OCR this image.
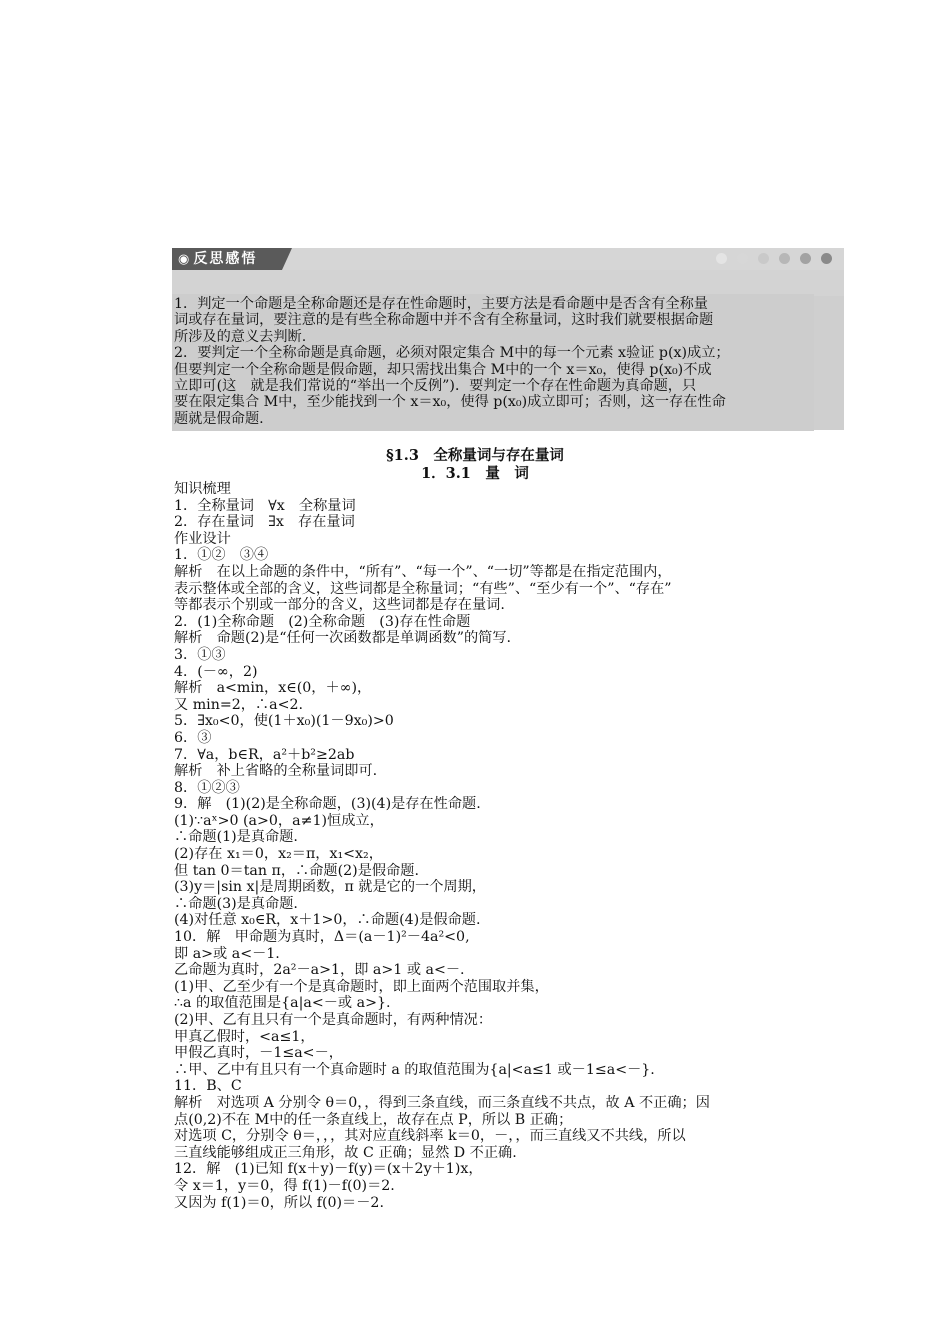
◉ 反思感悟

1．判定一个命题是全称命题还是存在性命题时，主要方法是看命题中是否含有全称量

词或存在量词，要注意的是有些全称命题中并不含有全称量词，这时我们就要根据命题

所涉及的意义去判断.

2．要判定一个全称命题是真命题，必须对限定集合 M中的每一个元素 x验证 p(x)成立；

但要判定一个全称命题是假命题，却只需找出集合 M中的一个 x＝x₀，使得 p(x₀)不成

立即可(这　就是我们常说的“举出一个反例”)．要判定一个存在性命题为真命题，只

要在限定集合 M中，至少能找到一个 x＝x₀，使得 p(x₀)成立即可；否则，这一存在性命

题就是假命题.

§1.3　全称量词与存在量词
1．3.1　量　词

知识梳理

1．全称量词　∀x　全称量词

2．存在量词　∃x　存在量词

作业设计

1．①②　③④

解析　在以上命题的条件中，“所有”、“每一个”、“一切”等都是在指定范围内，

表示整体或全部的含义，这些词都是全称量词；“有些”、“至少有一个”、“存在”

等都表示个别或一部分的含义，这些词都是存在量词.

2．(1)全称命题　(2)全称命题　(3)存在性命题

解析　命题(2)是“任何一次函数都是单调函数”的简写.

3．①③

4．(－∞，2)

解析　a<min，x∈(0，＋∞)，

又 min=2，∴a<2.

5．∃x₀<0，使(1＋x₀)(1－9x₀)>0

6．③

7．∀a，b∈R，a²＋b²≥2ab

解析　补上省略的全称量词即可.

8．①②③

9．解　(1)(2)是全称命题，(3)(4)是存在性命题.

(1)∵aˣ>0 (a>0，a≠1)恒成立，

∴命题(1)是真命题.

(2)存在 x₁＝0，x₂＝π，x₁<x₂，

但 tan 0＝tan π，∴命题(2)是假命题.

(3)y＝|sin x|是周期函数，π 就是它的一个周期，

∴命题(3)是真命题.

(4)对任意 x₀∈R，x＋1>0，∴命题(4)是假命题.

10．解　甲命题为真时，Δ＝(a－1)²－4a²<0,

即 a>或 a<－1.

乙命题为真时，2a²－a>1，即 a>1 或 a<－.

(1)甲、乙至少有一个是真命题时，即上面两个范围取并集，

∴a 的取值范围是{a|a<－或 a>}.

(2)甲、乙有且只有一个是真命题时，有两种情况：

甲真乙假时，<a≤1，

甲假乙真时，－1≤a<－，

∴甲、乙中有且只有一个真命题时 a 的取值范围为{a|<a≤1 或－1≤a<－}.

11．B、C

解析　对选项 A 分别令 θ＝0，，得到三条直线，而三条直线不共点，故 A 不正确；因

点(0,2)不在 M中的任一条直线上，故存在点 P，所以 B 正确；

对选项 C，分别令 θ＝，，，其对应直线斜率 k＝0，－，，而三直线又不共线，所以

三直线能够组成正三角形，故 C 正确；显然 D 不正确.

12．解　(1)已知 f(x＋y)－f(y)＝(x＋2y＋1)x，

令 x＝1，y＝0，得 f(1)－f(0)＝2.

又因为 f(1)＝0，所以 f(0)＝－2.
